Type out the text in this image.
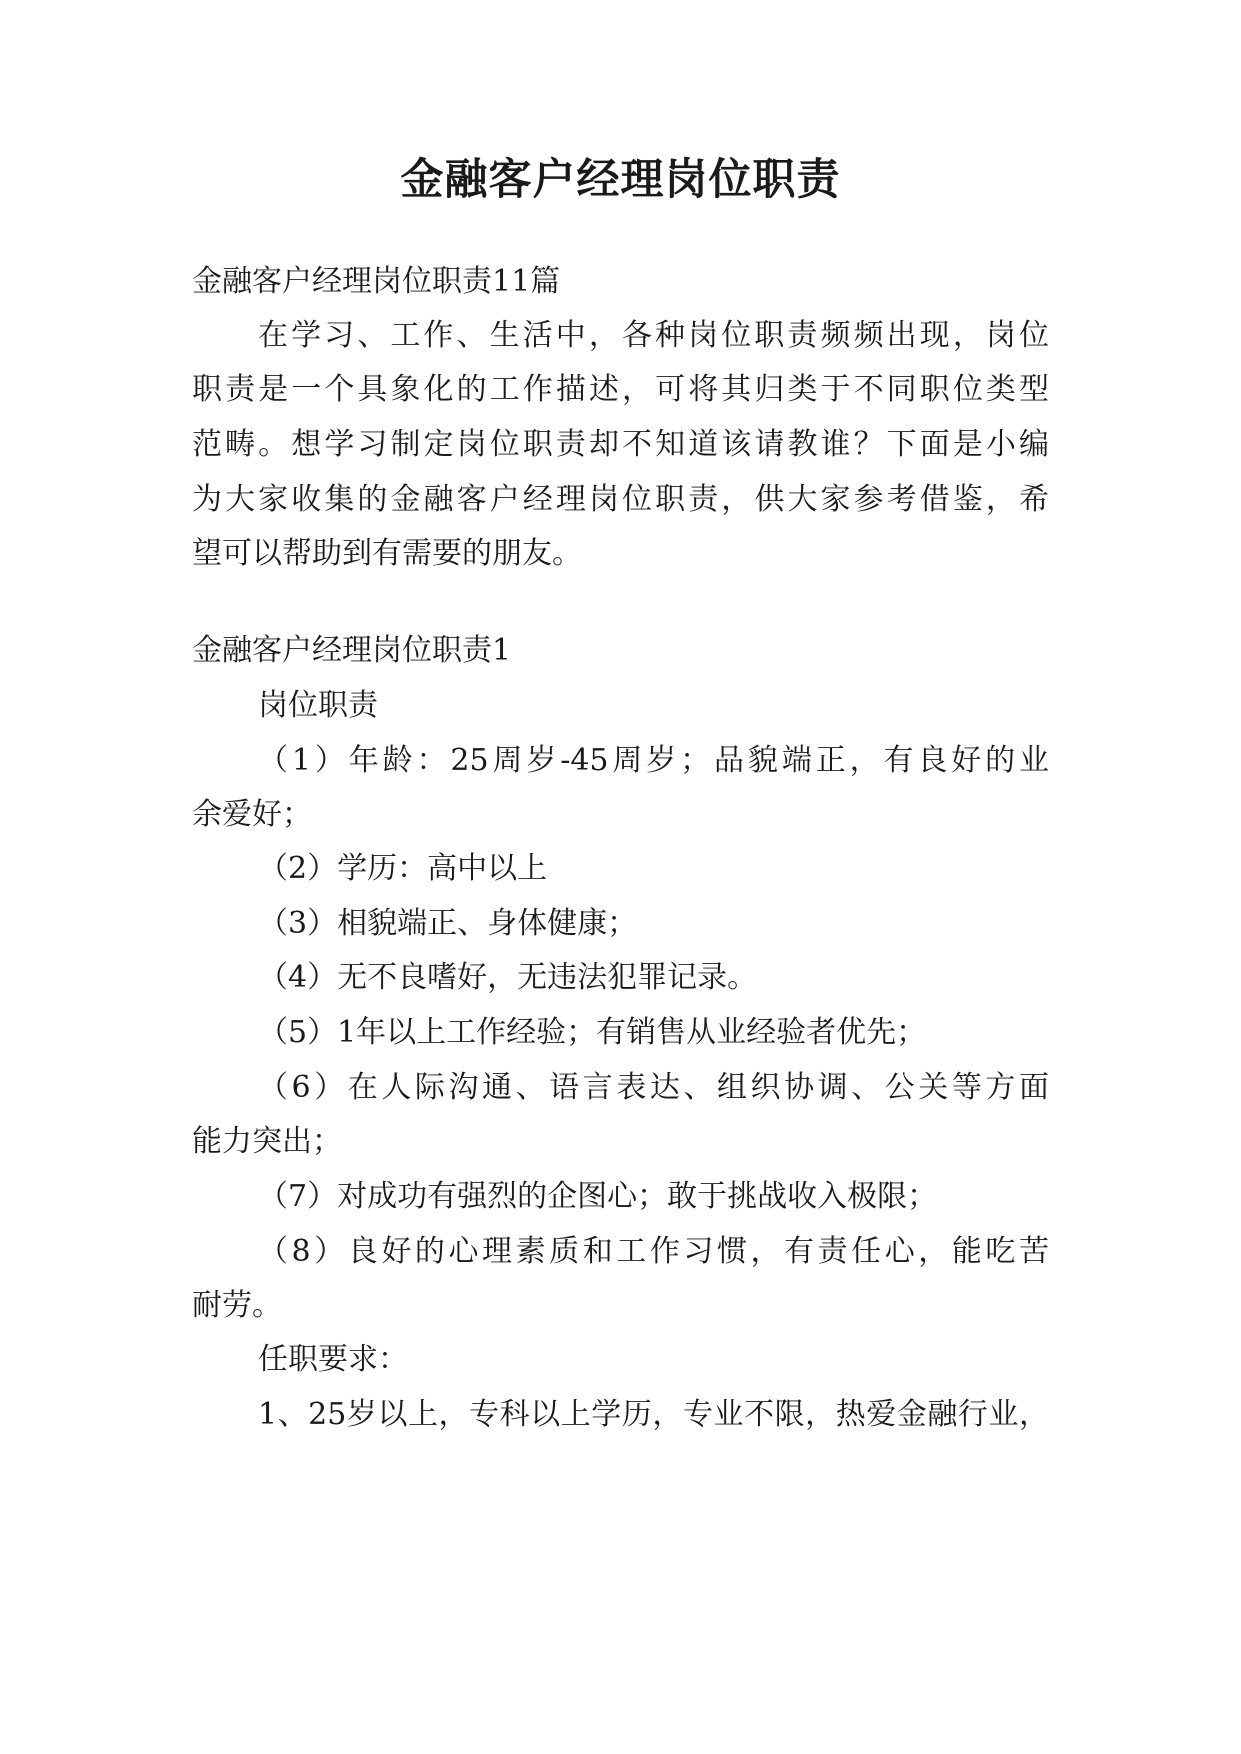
金融客户经理岗位职责
金融客户经理岗位职责11篇
在学习、工作、生活中，各种岗位职责频频出现，岗位
职责是一个具象化的工作描述，可将其归类于不同职位类型
范畴。想学习制定岗位职责却不知道该请教谁？下面是小编
为大家收集的金融客户经理岗位职责，供大家参考借鉴，希
望可以帮助到有需要的朋友。
金融客户经理岗位职责1
岗位职责
（1）年龄：25周岁-45周岁；品貌端正，有良好的业
余爱好；
（2）学历：高中以上
（3）相貌端正、身体健康；
（4）无不良嗜好，无违法犯罪记录。
（5）1年以上工作经验；有销售从业经验者优先；
（6）在人际沟通、语言表达、组织协调、公关等方面
能力突出；
（7）对成功有强烈的企图心；敢于挑战收入极限；
（8）良好的心理素质和工作习惯，有责任心，能吃苦
耐劳。
任职要求：
1、25岁以上，专科以上学历，专业不限，热爱金融行业，
